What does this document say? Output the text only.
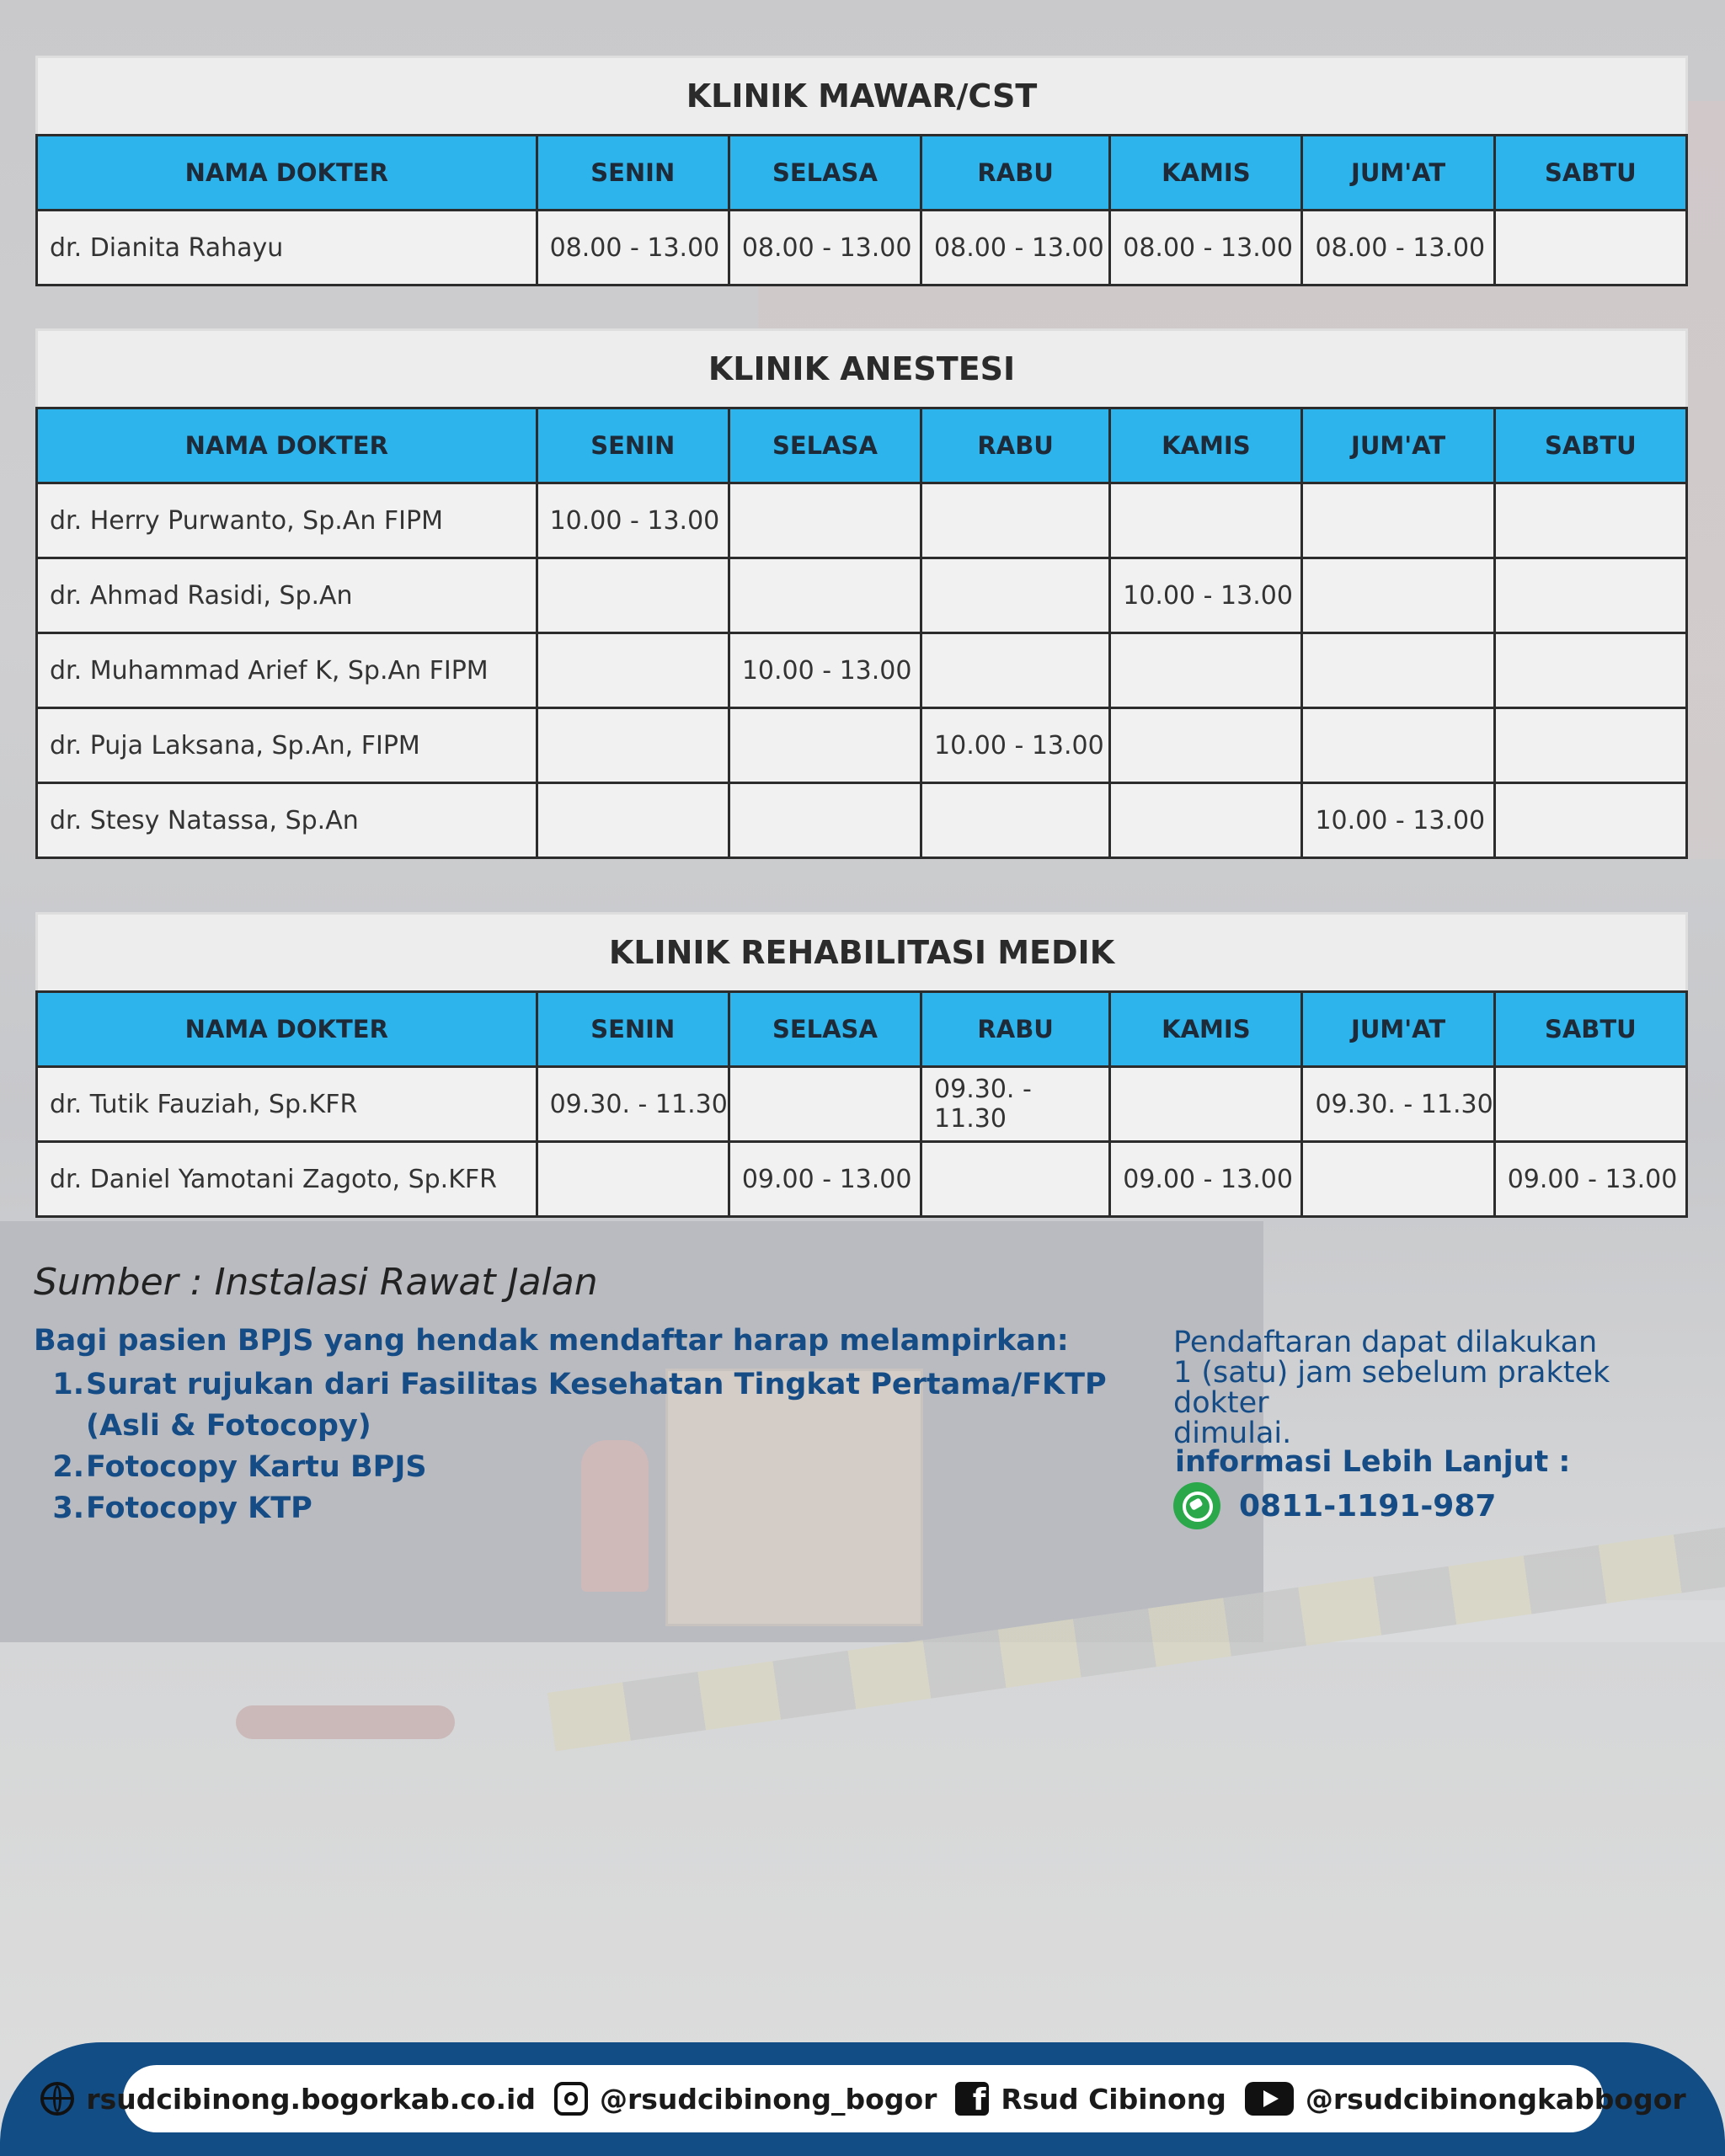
KLINIK MAWAR/CST
NAMA DOKTER	SENIN	SELASA	RABU	KAMIS	JUM'AT	SABTU
dr. Dianita Rahayu	08.00 - 13.00	08.00 - 13.00	08.00 - 13.00	08.00 - 13.00	08.00 - 13.00	
KLINIK ANESTESI
NAMA DOKTER	SENIN	SELASA	RABU	KAMIS	JUM'AT	SABTU
dr. Herry Purwanto, Sp.An FIPM	10.00 - 13.00					
dr. Ahmad Rasidi, Sp.An				10.00 - 13.00		
dr. Muhammad Arief K, Sp.An FIPM		10.00 - 13.00				
dr. Puja Laksana, Sp.An, FIPM			10.00 - 13.00			
dr. Stesy Natassa, Sp.An					10.00 - 13.00	
KLINIK REHABILITASI MEDIK
NAMA DOKTER	SENIN	SELASA	RABU	KAMIS	JUM'AT	SABTU
dr. Tutik Fauziah, Sp.KFR	09.30. - 11.30		09.30. - 11.30		09.30. - 11.30	
dr. Daniel Yamotani Zagoto, Sp.KFR		09.00 - 13.00		09.00 - 13.00		09.00 - 13.00
Sumber : Instalasi Rawat Jalan
Bagi pasien BPJS yang hendak mendaftar harap melampirkan:
1. Surat rujukan dari Fasilitas Kesehatan Tingkat Pertama/FKTP
(Asli & Fotocopy)
2. Fotocopy Kartu BPJS
3. Fotocopy KTP
Pendaftaran dapat dilakukan
1 (satu) jam sebelum praktek dokter
dimulai.
informasi Lebih Lanjut :
0811-1191-987
rsudcibinong.bogorkab.co.id @rsudcibinong_bogor	f Rsud Cibinong	@rsudcibinongkabbogor
